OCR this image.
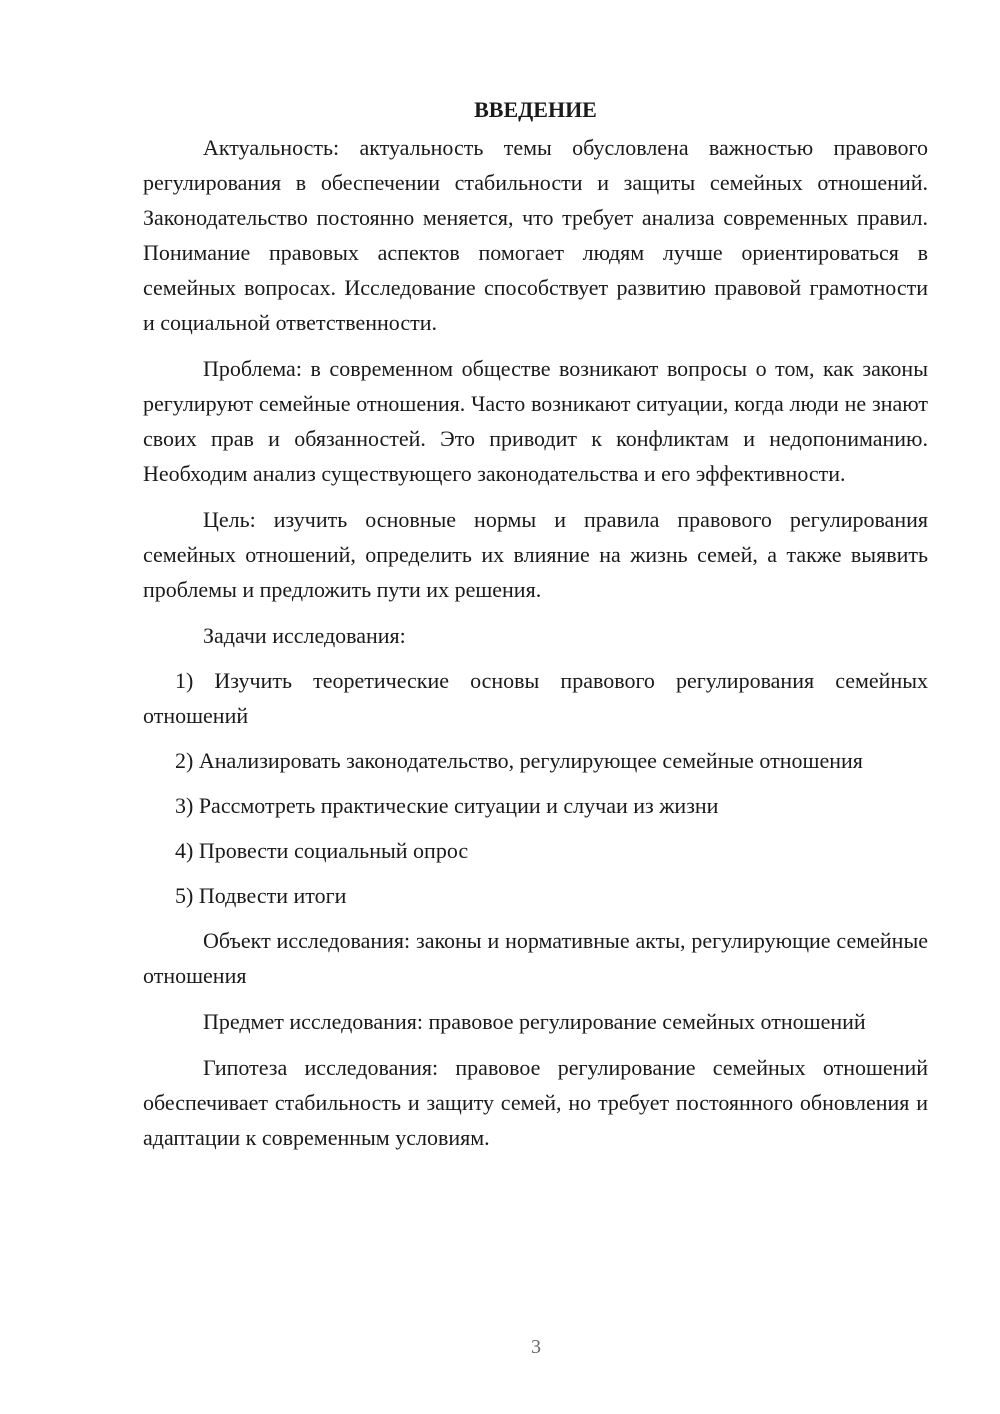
ВВЕДЕНИЕ

Актуальность: актуальность темы обусловлена важностью правового регулирования в обеспечении стабильности и защиты семейных отношений. Законодательство постоянно меняется, что требует анализа современных правил. Понимание правовых аспектов помогает людям лучше ориентироваться в семейных вопросах. Исследование способствует развитию правовой грамотности и социальной ответственности.

Проблема: в современном обществе возникают вопросы о том, как законы регулируют семейные отношения. Часто возникают ситуации, когда люди не знают своих прав и обязанностей. Это приводит к конфликтам и недопониманию. Необходим анализ существующего законодательства и его эффективности.

Цель: изучить основные нормы и правила правового регулирования семейных отношений, определить их влияние на жизнь семей, а также выявить проблемы и предложить пути их решения.

Задачи исследования:

1) Изучить теоретические основы правового регулирования семейных отношений

2) Анализировать законодательство, регулирующее семейные отношения

3) Рассмотреть практические ситуации и случаи из жизни

4) Провести социальный опрос

5) Подвести итоги

Объект исследования: законы и нормативные акты, регулирующие семейные отношения

Предмет исследования: правовое регулирование семейных отношений

Гипотеза исследования: правовое регулирование семейных отношений обеспечивает стабильность и защиту семей, но требует постоянного обновления и адаптации к современным условиям.

3
